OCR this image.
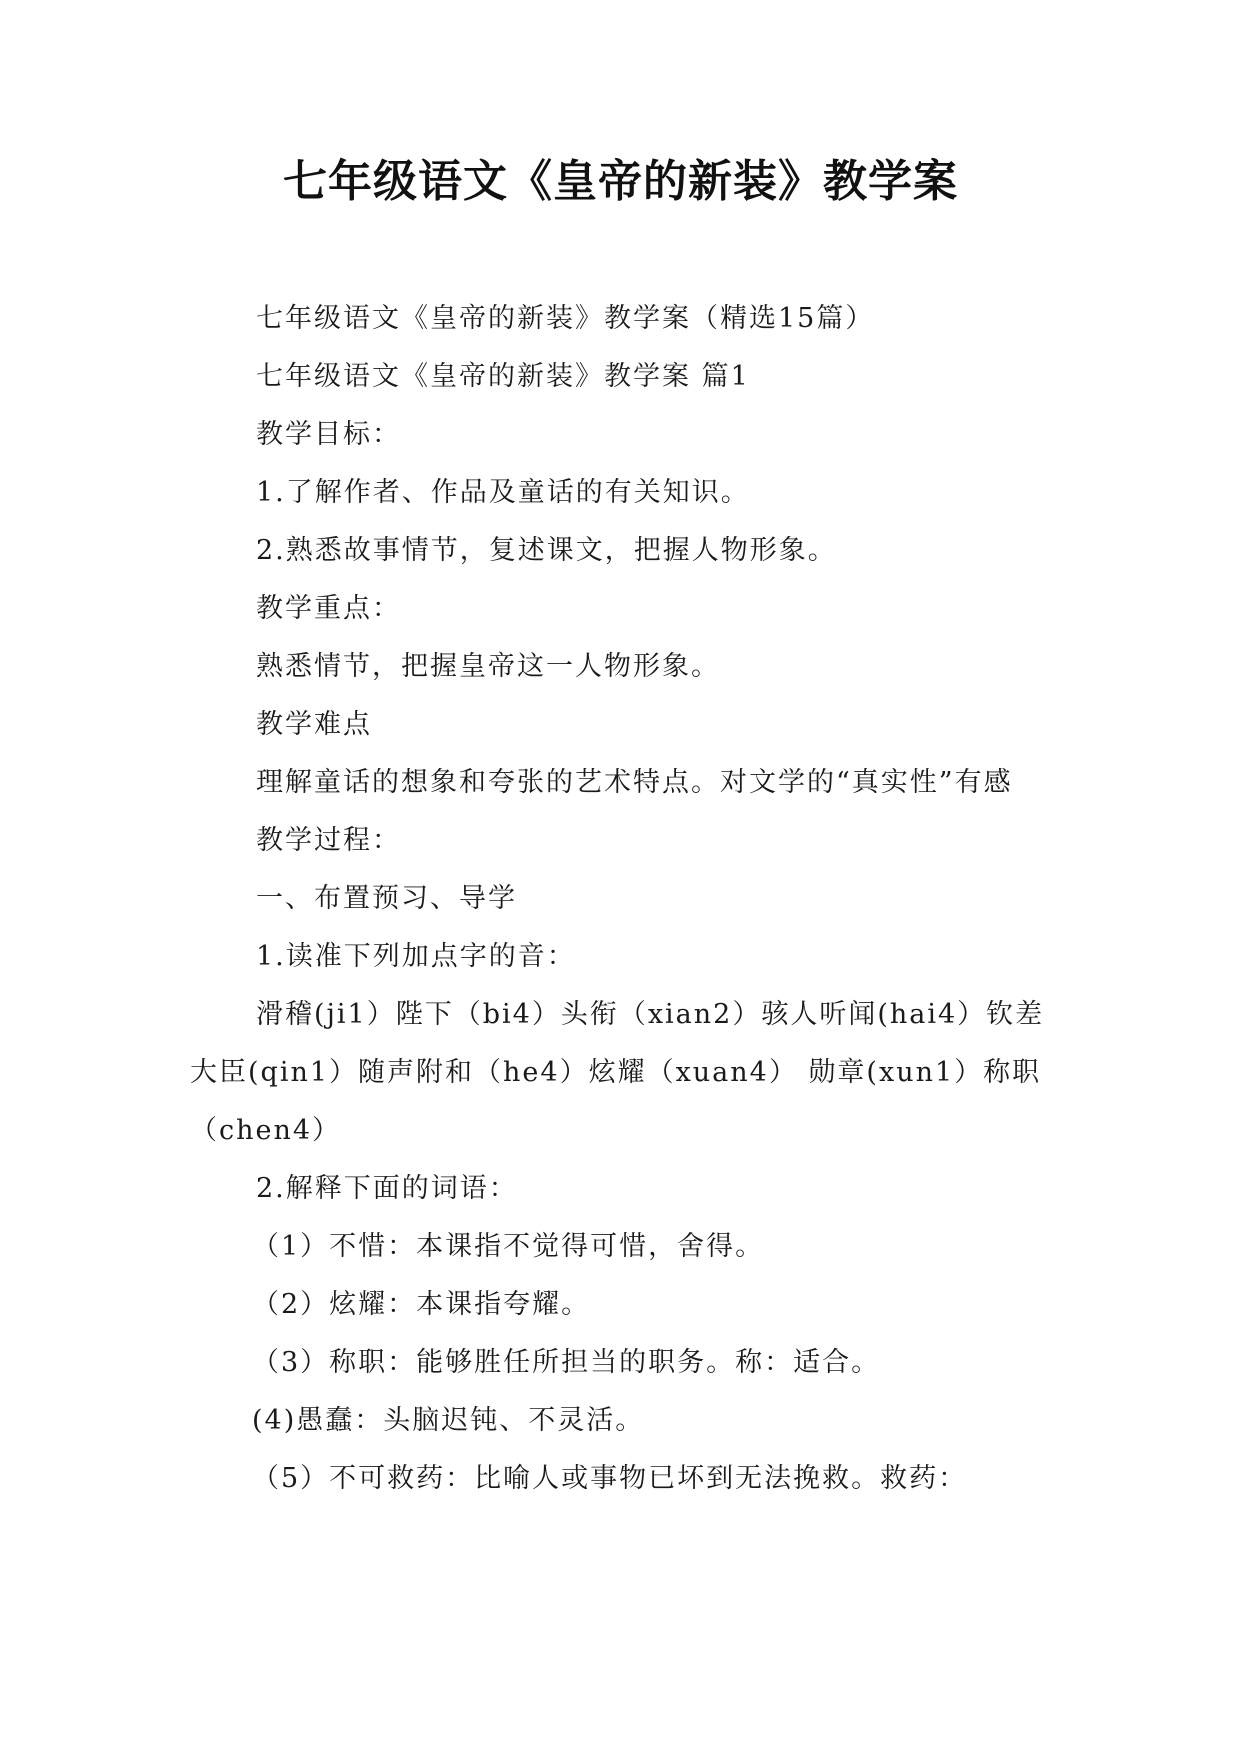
七年级语文《皇帝的新装》教学案

七年级语文《皇帝的新装》教学案（精选15篇）

七年级语文《皇帝的新装》教学案 篇1

教学目标：

1.了解作者、作品及童话的有关知识。

2.熟悉故事情节，复述课文，把握人物形象。

教学重点：

熟悉情节，把握皇帝这一人物形象。

教学难点

理解童话的想象和夸张的艺术特点。对文学的“真实性”有感

教学过程：

一、布置预习、导学

1.读准下列加点字的音：

滑稽(ji1）陛下（bi4）头衔（xian2）骇人听闻(hai4）钦差大臣(qin1）随声附和（he4）炫耀（xuan4） 勋章(xun1）称职（chen4）

2.解释下面的词语：

（1）不惜：本课指不觉得可惜，舍得。

（2）炫耀：本课指夸耀。

（3）称职：能够胜任所担当的职务。称：适合。

(4)愚蠢：头脑迟钝、不灵活。

（5）不可救药：比喻人或事物已坏到无法挽救。救药：
